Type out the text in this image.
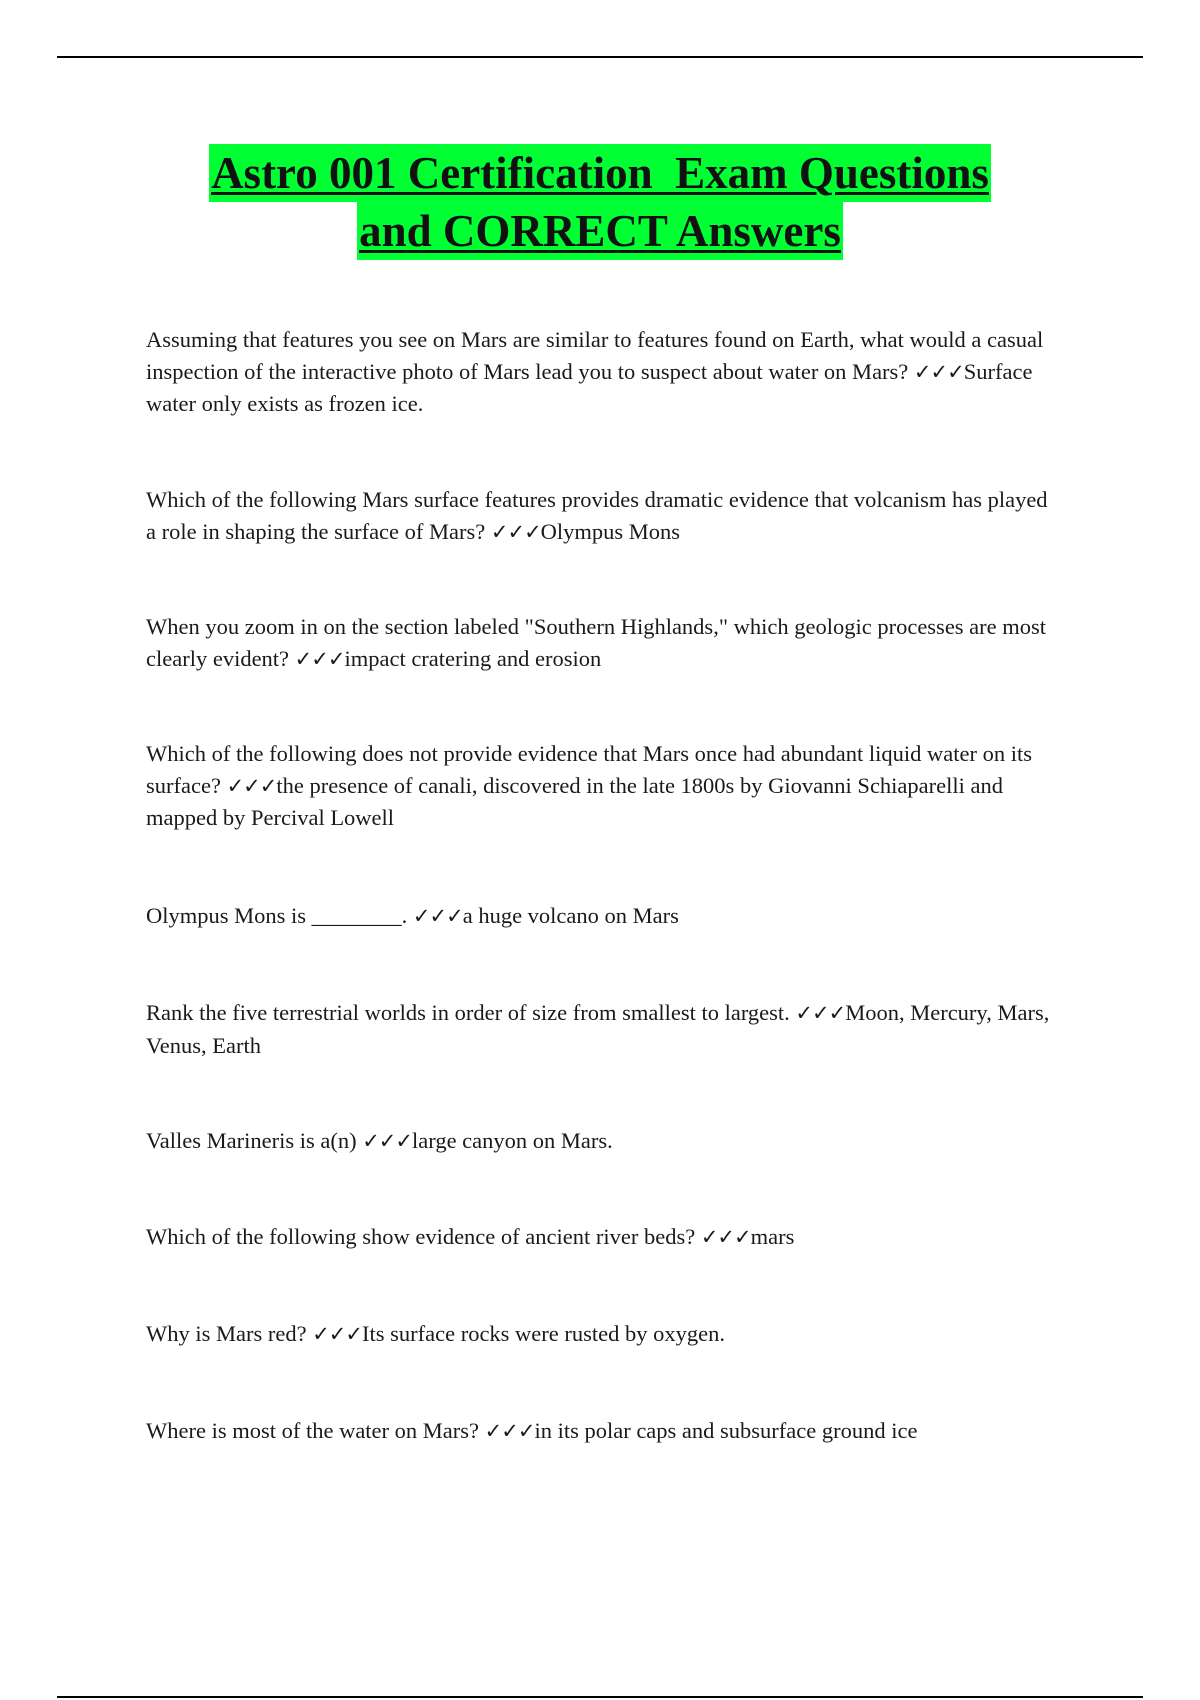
Astro 001 Certification  Exam Questions
and CORRECT Answers

Assuming that features you see on Mars are similar to features found on Earth, what would a casual inspection of the interactive photo of Mars lead you to suspect about water on Mars? ✓✓✓Surface water only exists as frozen ice.

Which of the following Mars surface features provides dramatic evidence that volcanism has played a role in shaping the surface of Mars? ✓✓✓Olympus Mons

When you zoom in on the section labeled "Southern Highlands," which geologic processes are most clearly evident? ✓✓✓impact cratering and erosion

Which of the following does not provide evidence that Mars once had abundant liquid water on its surface? ✓✓✓the presence of canali, discovered in the late 1800s by Giovanni Schiaparelli and mapped by Percival Lowell

Olympus Mons is ________. ✓✓✓a huge volcano on Mars

Rank the five terrestrial worlds in order of size from smallest to largest. ✓✓✓Moon, Mercury, Mars, Venus, Earth

Valles Marineris is a(n) ✓✓✓large canyon on Mars.

Which of the following show evidence of ancient river beds? ✓✓✓mars

Why is Mars red? ✓✓✓Its surface rocks were rusted by oxygen.

Where is most of the water on Mars? ✓✓✓in its polar caps and subsurface ground ice
